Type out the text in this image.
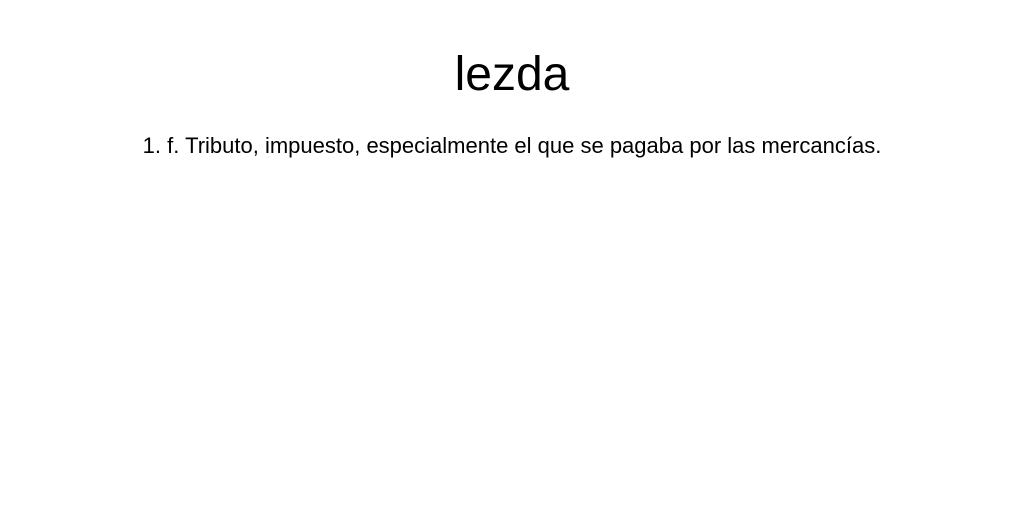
lezda

1. f. Tributo, impuesto, especialmente el que se pagaba por las mercancías.
